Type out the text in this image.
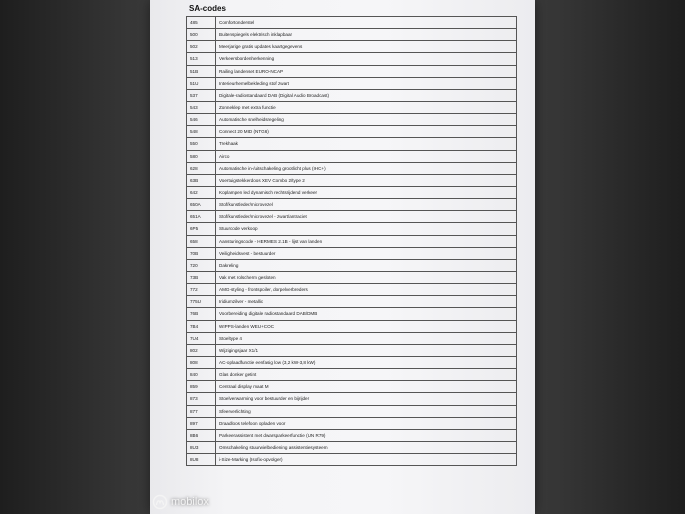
SA-codes
485	Comfortonderstel
500	Buitenspiegels elektrisch inklapbaar
502	Meerjarige gratis updates kaartgegevens
513	Verkeersbordenherkenning
51B	Railing landenset EURO-NCAP
51U	Interieurhemelbekleding stof zwart
537	Digitale-radiostandaard DAB (Digital Audio Broadcast)
543	Zonneklep met extra functie
546	Automatische snelheidsregeling
548	Connect 20 MID (NTG6)
550	Trekhaak
580	Airco
628	Automatische in-/uitschakeling grootlicht plus (IHC+)
63B	Voertuigstekkerdoos XEV Combo 2/type 2
642	Koplampen led dynamisch rechtsrijdend verkeer
650A	Stof/kunstleder/microvezel
651A	Stof/kunstleder/microvezel - zwart/antraciet
6P5	Stuurcode verkoop
658	Aansturingscode - HERMES 2.1B - lijst van landen
70B	Veiligheidsvest - bestuurder
720	Dakreling
73B	Vak met rolscherm gesloten
772	AMG-styling - frontspoiler, dorpelverbreders
775U	Iridiumzilver - metallic
76B	Voorbereiding digitale radiostandaard DAB/DMB
7B4	WIPPS-landen WEU+COC
7U4	Stoeltype 4
802	Wijzigingsjaar X1/1
808	AC-oplaadfunctie eenfasig low (3,2 kW-3,8 kW)
840	Glas donker getint
859	Centraal display maat M
873	Stoelverwarming voor bestuurder en bijrijder
877	Sfeerverlichting
897	Draadloos telefoon opladen voor
8B6	Parkeerassistent met dwarsparkeerfunctie (UN R79)
8U3	Omschakeling stuurwielbediening assistentiesysteem
8U8	i-Size-Marking (Isofix-opvolger)
mobilox
